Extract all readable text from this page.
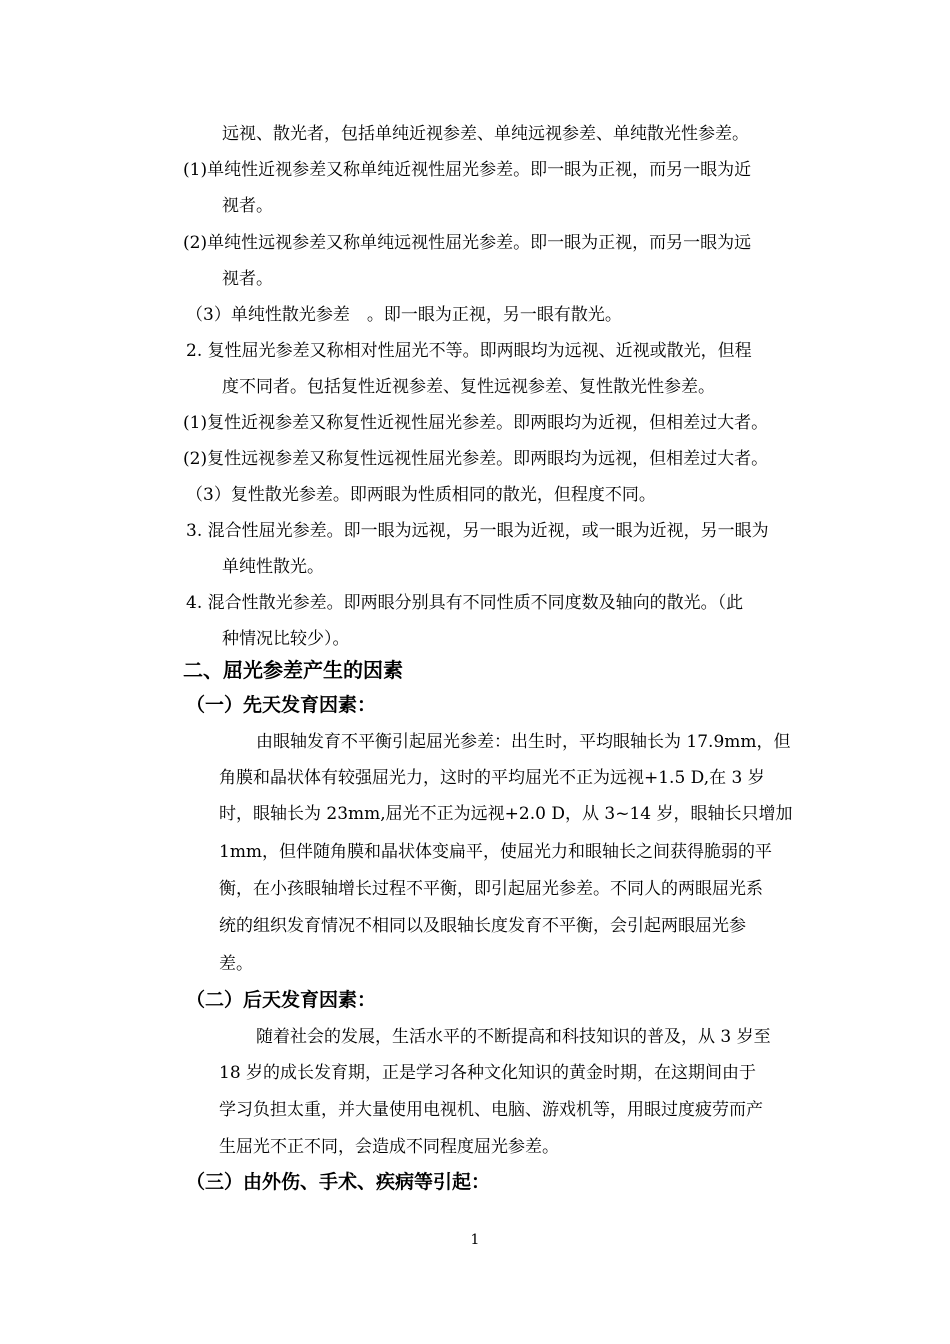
远视、散光者，包括单纯近视参差、单纯远视参差、单纯散光性参差。
(1)单纯性近视参差又称单纯近视性屈光参差。即一眼为正视，而另一眼为近
视者。
(2)单纯性远视参差又称单纯远视性屈光参差。即一眼为正视，而另一眼为远
视者。
（3）单纯性散光参差　。即一眼为正视，另一眼有散光。
2. 复性屈光参差又称相对性屈光不等。即两眼均为远视、近视或散光，但程
度不同者。包括复性近视参差、复性远视参差、复性散光性参差。
(1)复性近视参差又称复性近视性屈光参差。即两眼均为近视，但相差过大者。
(2)复性远视参差又称复性远视性屈光参差。即两眼均为远视，但相差过大者。
（3）复性散光参差。即两眼为性质相同的散光，但程度不同。
3. 混合性屈光参差。即一眼为远视，另一眼为近视，或一眼为近视，另一眼为
单纯性散光。
4. 混合性散光参差。即两眼分别具有不同性质不同度数及轴向的散光。（此
种情况比较少）。
二、屈光参差产生的因素
（一）先天发育因素：
由眼轴发育不平衡引起屈光参差：出生时，平均眼轴长为 17.9mm，但
角膜和晶状体有较强屈光力，这时的平均屈光不正为远视+1.5 D,在 3 岁
时，眼轴长为 23mm,屈光不正为远视+2.0 D，从 3~14 岁，眼轴长只增加
1mm，但伴随角膜和晶状体变扁平，使屈光力和眼轴长之间获得脆弱的平
衡，在小孩眼轴增长过程不平衡，即引起屈光参差。不同人的两眼屈光系
统的组织发育情况不相同以及眼轴长度发育不平衡，会引起两眼屈光参
差。
（二）后天发育因素：
随着社会的发展，生活水平的不断提高和科技知识的普及，从 3 岁至
18 岁的成长发育期，正是学习各种文化知识的黄金时期，在这期间由于
学习负担太重，并大量使用电视机、电脑、游戏机等，用眼过度疲劳而产
生屈光不正不同，会造成不同程度屈光参差。
（三）由外伤、手术、疾病等引起：
1
